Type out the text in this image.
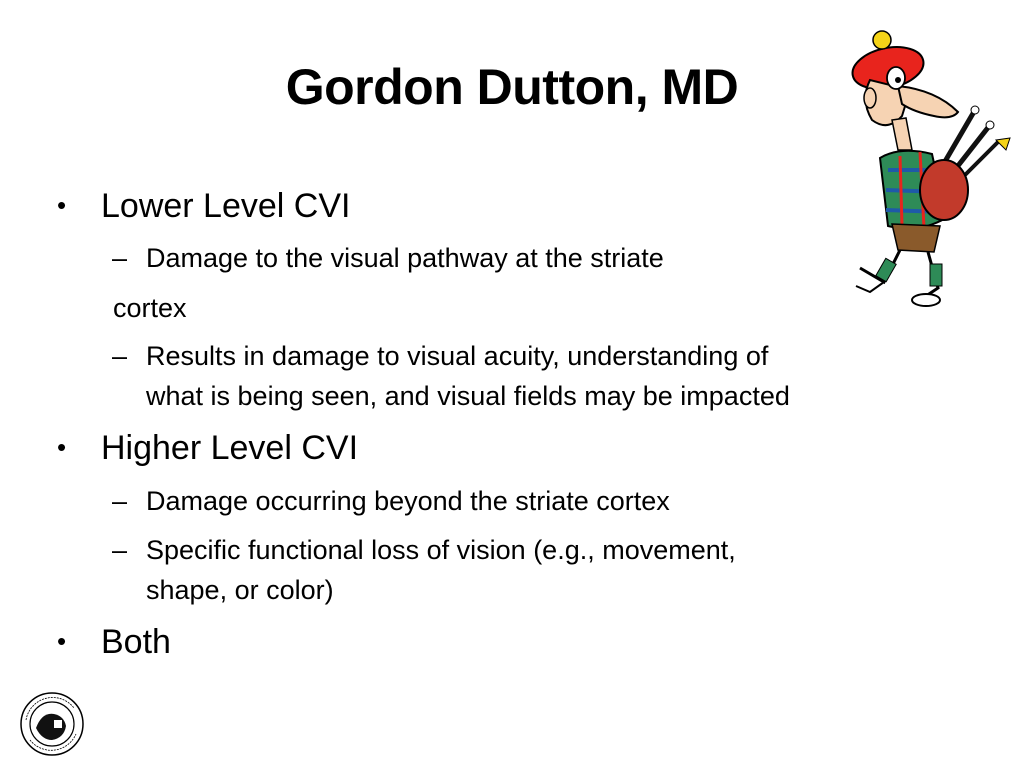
Gordon Dutton, MD
• Lower Level CVI
– Damage to the visual pathway at the striate
cortex
– Results in damage to visual acuity, understanding of
what is being seen, and visual fields may be impacted
• Higher Level CVI
– Damage occurring beyond the striate cortex
– Specific functional loss of vision (e.g., movement,
shape, or color)
• Both
